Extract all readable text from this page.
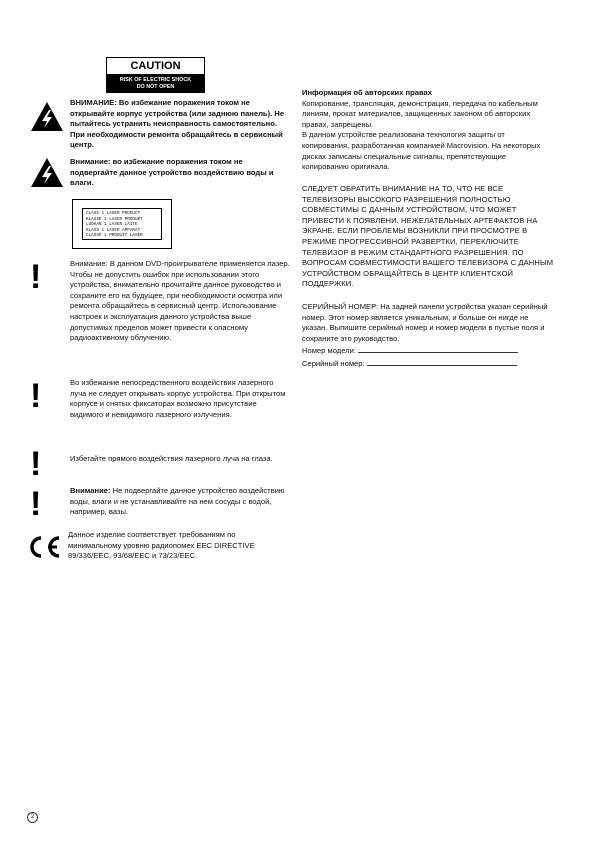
CAUTION
RISK OF ELECTRIC SHOCK
DO NOT OPEN
ВНИМАНИЕ: Во избежание поражения током не открывайте корпус устройства (или заднюю панель). Не пытайтесь устранить неисправность самостоятельно. При необходимости ремонта обращайтесь в сервисный центр.
Внимание: во избежание поражения током не подвергайте данное устройство воздействию воды и влаги.
CLASS 1 LASER PRODUCT
KLASSE 1 LASER PRODUKT
LUOKAN 1 LASER LAITE
KLASS 1 LASER APPARAT
CLASSE 1 PRODUIT LASER
!	Внимание: В данном DVD-проигрывателе применяется лазер. Чтобы не допустить ошибок при использовании этого устройства, внимательно прочитайте данное руководство и сохраните его на будущее, при необходимости осмотра или ремонта обращайтесь в сервисный центр. Использование настроек и эксплуатация данного устройства выше допустимых пределов может привести к опасному радиоактивному облучению.
!	Во избежание непосредственного воздействия лазерного луча не следует открывать корпус устройства. При открытом корпусе и снятых фиксаторах возможно присутствие видимого и невидимого лазерного излучения.
!	Избегайте прямого воздействия лазерного луча на глаза.
!	Внимание: Не подвергайте данное устройство воздействию воды, влаги и не устанавливайте на нем сосуды с водой, например, вазы.
Данное изделие соответствует требованиям по минимальному уровню радиопомех EEC DIRECTIVE 89/336/EEC, 93/68/EEC и 73/23/EEC.
Информация об авторских правах
Копирование, трансляция, демонстрация, передача по кабельным линиям, прокат материалов, защищенных законом об авторских правах, запрещены.
В данном устройстве реализована технология защиты от копирования, разработанная компанией Macrovision. На некоторых дисках записаны специальные сигналы, препятствующие копированию оригинала.
СЛЕДУЕТ ОБРАТИТЬ ВНИМАНИЕ НА ТО, ЧТО НЕ ВСЕ ТЕЛЕВИЗОРЫ ВЫСОКОГО РАЗРЕШЕНИЯ ПОЛНОСТЬЮ СОВМЕСТИМЫ С ДАННЫМ УСТРОЙСТВОМ, ЧТО МОЖЕТ ПРИВЕСТИ К ПОЯВЛЕНИ. НЕЖЕЛАТЕЛЬНЫХ АРТЕФАКТОВ НА ЭКРАНЕ. ЕСЛИ ПРОБЛЕМЫ ВОЗНИКЛИ ПРИ ПРОСМОТРЕ В РЕЖИМЕ ПРОГРЕССИВНОЙ РАЗВЕРТКИ, ПЕРЕКЛЮЧИТЕ ТЕЛЕВИЗОР В РЕЖИМ СТАНДАРТНОГО РАЗРЕШЕНИЯ. ПО ВОПРОСАМ СОВМЕСТИМОСТИ ВАШЕГО ТЕЛЕВИЗОРА С ДАННЫМ УСТРОЙСТВОМ ОБРАЩАЙТЕСЬ В ЦЕНТР КЛИЕНТСКОЙ ПОДДЕРЖКИ.
СЕРИЙНЫЙ НОМЕР: На задней панели устройства указан серийный номер. Этот номер является уникальным, и больше он нигде не указан. Выпишите серийный номер и номер модели в пустые поля и сохраните это руководство.
Номер модели:
Серийный номер:
2
